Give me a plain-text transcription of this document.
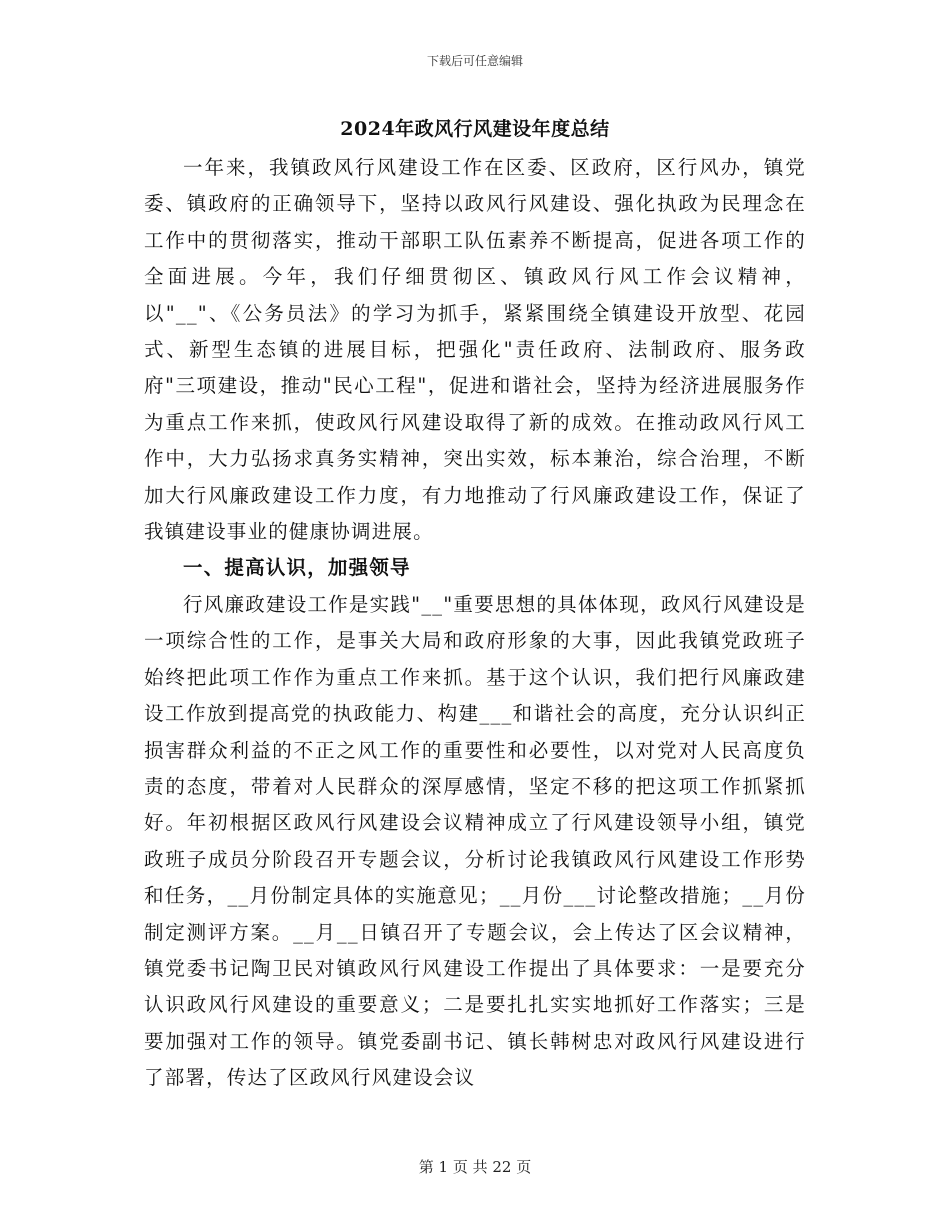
下载后可任意编辑
2024年政风行风建设年度总结

一年来，我镇政风行风建设工作在区委、区政府，区行风办，镇党委、镇政府的正确领导下，坚持以政风行风建设、强化执政为民理念在工作中的贯彻落实，推动干部职工队伍素养不断提高，促进各项工作的全面进展。今年，我们仔细贯彻区、镇政风行风工作会议精神，以"__"、《公务员法》的学习为抓手，紧紧围绕全镇建设开放型、花园式、新型生态镇的进展目标，把强化"责任政府、法制政府、服务政府"三项建设，推动"民心工程"，促进和谐社会，坚持为经济进展服务作为重点工作来抓，使政风行风建设取得了新的成效。在推动政风行风工作中，大力弘扬求真务实精神，突出实效，标本兼治，综合治理，不断加大行风廉政建设工作力度，有力地推动了行风廉政建设工作，保证了我镇建设事业的健康协调进展。

一、提高认识，加强领导

行风廉政建设工作是实践"__"重要思想的具体体现，政风行风建设是一项综合性的工作，是事关大局和政府形象的大事，因此我镇党政班子始终把此项工作作为重点工作来抓。基于这个认识，我们把行风廉政建设工作放到提高党的执政能力、构建___和谐社会的高度，充分认识纠正损害群众利益的不正之风工作的重要性和必要性，以对党对人民高度负责的态度，带着对人民群众的深厚感情，坚定不移的把这项工作抓紧抓好。年初根据区政风行风建设会议精神成立了行风建设领导小组，镇党政班子成员分阶段召开专题会议，分析讨论我镇政风行风建设工作形势和任务，__月份制定具体的实施意见；__月份___讨论整改措施；__月份制定测评方案。__月__日镇召开了专题会议，会上传达了区会议精神，镇党委书记陶卫民对镇政风行风建设工作提出了具体要求：一是要充分认识政风行风建设的重要意义；二是要扎扎实实地抓好工作落实；三是要加强对工作的领导。镇党委副书记、镇长韩树忠对政风行风建设进行了部署，传达了区政风行风建设会议

第 1 页 共 22 页
